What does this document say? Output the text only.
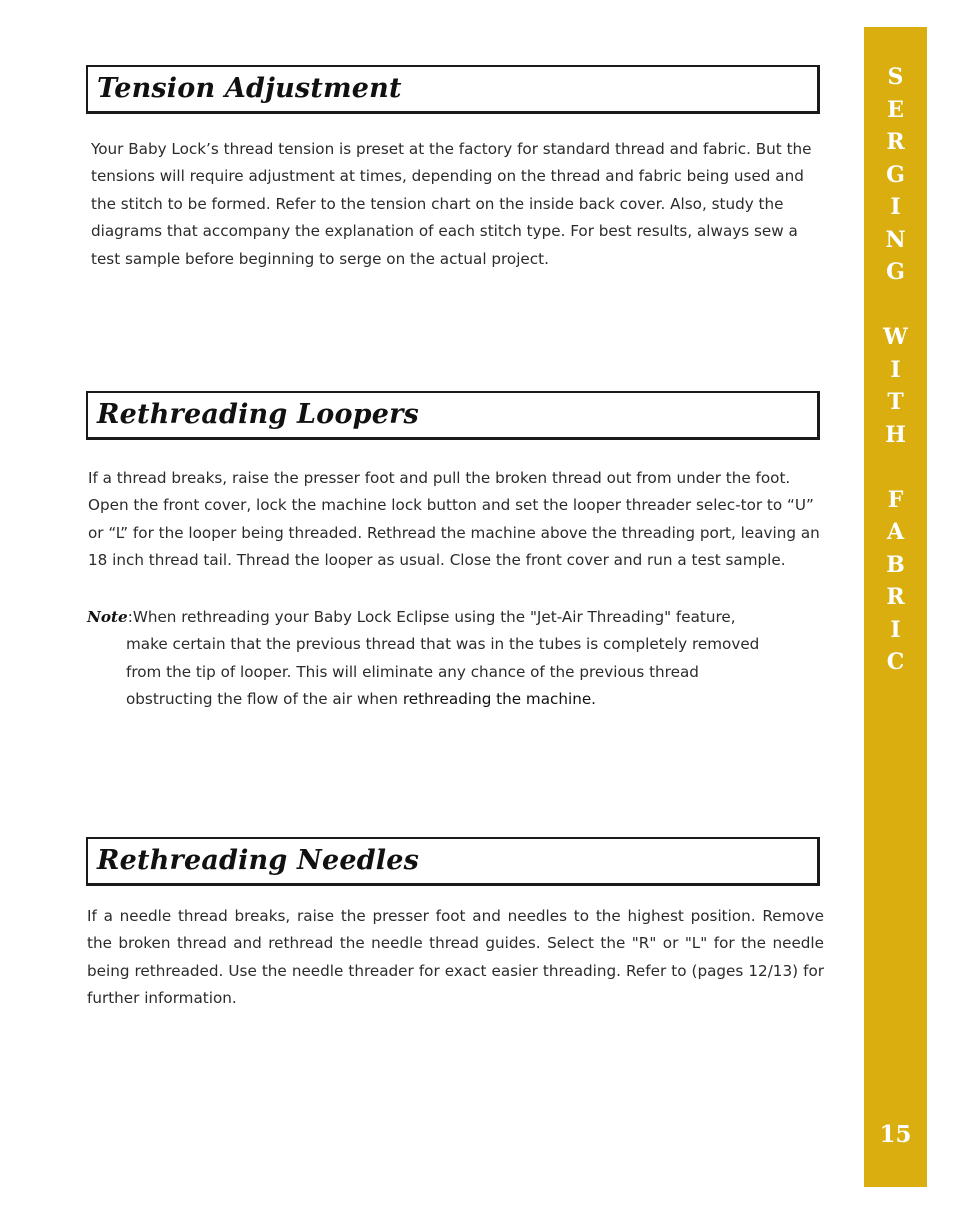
Tension Adjustment

Your Baby Lock’s thread tension is preset at the factory for standard thread and fabric. But the tensions will require adjustment at times, depending on the thread and fabric being used and the stitch to be formed. Refer to the tension chart on the inside back cover. Also, study the diagrams that accompany the explanation of each stitch type. For best results, always sew a test sample before beginning to serge on the actual project.

Rethreading Loopers

If a thread breaks, raise the presser foot and pull the broken thread out from under the foot. Open the front cover, lock the machine lock button and set the looper threader selec-tor to “U” or “L” for the looper being threaded. Rethread the machine above the threading port, leaving an 18 inch thread tail. Thread the looper as usual. Close the front cover and run a test sample.

Note:When rethreading your Baby Lock Eclipse using the "Jet-Air Threading" feature,
make certain that the previous thread that was in the tubes is completely removed from the tip of looper. This will eliminate any chance of the previous thread obstructing the flow of the air when rethreading the machine.
Rethreading Needles

If a needle thread breaks, raise the presser foot and needles to the highest position. Remove the broken thread and rethread the needle thread guides. Select the "R" or "L" for the needle being rethreaded. Use the needle threader for exact easier threading. Refer to (pages 12/13) for further information.

S
E
R
G
I
N
G
W
I
T
H
F
A
B
R
I
C
15
